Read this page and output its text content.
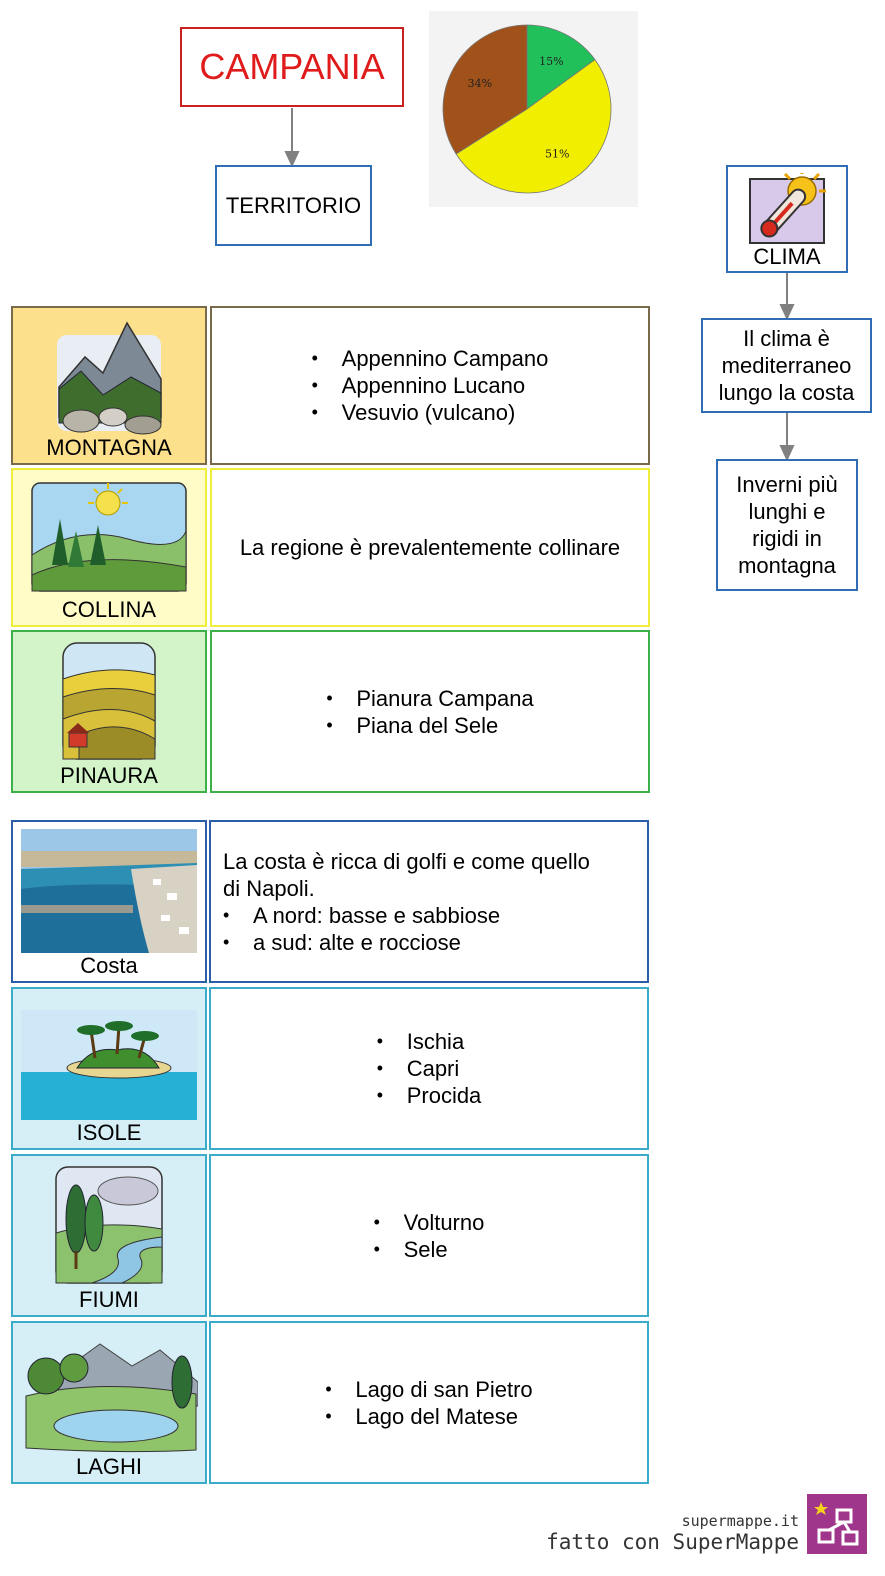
CAMPANIA
TERRITORIO
15%
51%
34%
CLIMA
Il clima è mediterraneo lungo la costa
Inverni più lunghi e rigidi in montagna
MONTAGNA
• Appennino Campano
• Appennino Lucano
• Vesuvio (vulcano)
COLLINA
La regione è prevalentemente collinare
PINAURA
• Pianura Campana
• Piana del Sele
Costa
La costa è ricca di golfi e come quello
di Napoli.
• A nord: basse e sabbiose
• a sud: alte e rocciose
ISOLE
• Ischia
• Capri
• Procida
FIUMI
• Volturno
• Sele
LAGHI
• Lago di san Pietro
• Lago del Matese
supermappe.it
fatto con SuperMappe
